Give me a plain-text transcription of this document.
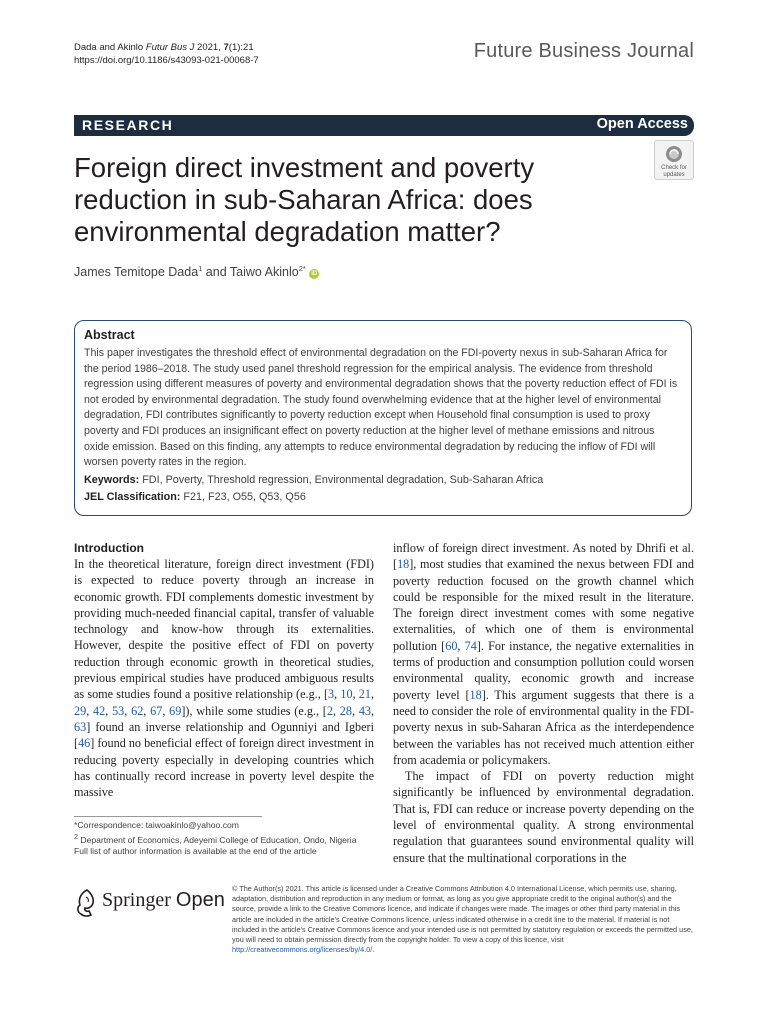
Dada and Akinlo Futur Bus J 2021, 7(1):21
https://doi.org/10.1186/s43093-021-00068-7	Future Business Journal
RESEARCH	Open Access
Foreign direct investment and poverty reduction in sub-Saharan Africa: does environmental degradation matter?
Check for
updates
James Temitope Dada$^1$ and Taiwo Akinlo$^{2*}$ iD
Abstract

This paper investigates the threshold effect of environmental degradation on the FDI-poverty nexus in sub-Saharan Africa for the period 1986–2018. The study used panel threshold regression for the empirical analysis. The evidence from threshold regression using different measures of poverty and environmental degradation shows that the poverty reduction effect of FDI is not eroded by environmental degradation. The study found overwhelming evidence that at the higher level of environmental degradation, FDI contributes significantly to poverty reduction except when Household final consumption is used to proxy poverty and FDI produces an insignificant effect on poverty reduction at the higher level of methane emissions and nitrous oxide emission. Based on this finding, any attempts to reduce environmental degradation by reducing the inflow of FDI will worsen poverty rates in the region.

Keywords: FDI, Poverty, Threshold regression, Environmental degradation, Sub-Saharan Africa
JEL Classification: F21, F23, O55, Q53, Q56
Introduction

In the theoretical literature, foreign direct investment (FDI) is expected to reduce poverty through an increase in economic growth. FDI complements domestic investment by providing much-needed financial capital, transfer of valuable technology and know-how through its externalities. However, despite the positive effect of FDI on poverty reduction through economic growth in theoretical studies, previous empirical studies have produced ambiguous results as some studies found a positive relationship (e.g., [3, 10, 21, 29, 42, 53, 62, 67, 69]), while some studies (e.g., [2, 28, 43, 63] found an inverse relationship and Ogunniyi and Igberi [46] found no beneficial effect of foreign direct investment in reducing poverty especially in developing countries which has continually record increase in poverty level despite the massive

inflow of foreign direct investment. As noted by Dhrifi et al. [18], most studies that examined the nexus between FDI and poverty reduction focused on the growth channel which could be responsible for the mixed result in the literature. The foreign direct investment comes with some negative externalities, of which one of them is environmental pollution [60, 74]. For instance, the negative externalities in terms of production and consumption pollution could worsen environmental quality, economic growth and increase poverty level [18]. This argument suggests that there is a need to consider the role of environmental quality in the FDI-poverty nexus in sub-Saharan Africa as the interdependence between the variables has not received much attention either from academia or policymakers.

The impact of FDI on poverty reduction might significantly be influenced by environmental degradation. That is, FDI can reduce or increase poverty depending on the level of environmental quality. A strong environmental regulation that guarantees sound environmental quality will ensure that the multinational corporations in the

*Correspondence: taiwoakinlo@yahoo.com
$^2$ Department of Economics, Adeyemi College of Education, Ondo, Nigeria
Full list of author information is available at the end of the article
Springer Open
© The Author(s) 2021. This article is licensed under a Creative Commons Attribution 4.0 International License, which permits use, sharing, adaptation, distribution and reproduction in any medium or format, as long as you give appropriate credit to the original author(s) and the source, provide a link to the Creative Commons licence, and indicate if changes were made. The images or other third party material in this article are included in the article's Creative Commons licence, unless indicated otherwise in a credit line to the material. If material is not included in the article's Creative Commons licence and your intended use is not permitted by statutory regulation or exceeds the permitted use, you will need to obtain permission directly from the copyright holder. To view a copy of this licence, visit http://creativecommons.org/licenses/by/4.0/.
